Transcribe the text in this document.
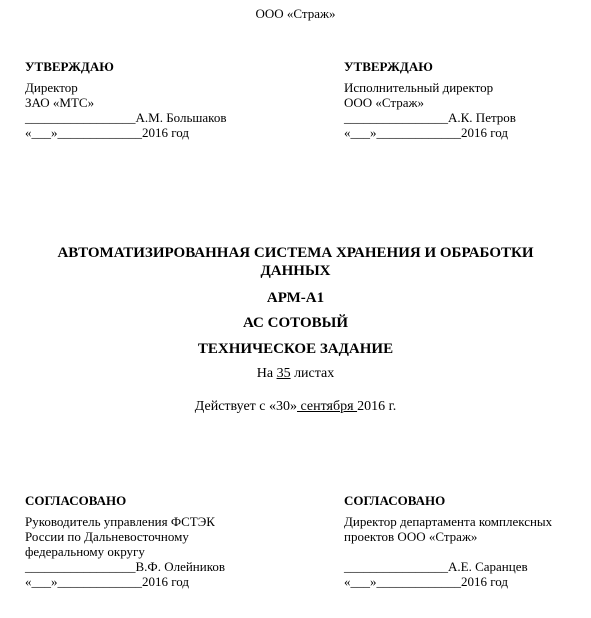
ООО «Страж»
УТВЕРЖДАЮ
Директор
ЗАО «МТС»
_________________А.М. Большаков
«___»_____________2016 год
УТВЕРЖДАЮ
Исполнительный директор
ООО «Страж»
________________А.К. Петров
«___»_____________2016 год
АВТОМАТИЗИРОВАННАЯ СИСТЕМА ХРАНЕНИЯ И ОБРАБОТКИ
ДАННЫХ
АРМ-А1
АС СОТОВЫЙ
ТЕХНИЧЕСКОЕ ЗАДАНИЕ
На 35 листах
Действует с «30» сентября 2016 г.
СОГЛАСОВАНО
Руководитель управления ФСТЭК
России по Дальневосточному
федеральному округу
_________________В.Ф. Олейников
«___»_____________2016 год
СОГЛАСОВАНО
Директор департамента комплексных
проектов ООО «Страж»
________________А.Е. Саранцев
«___»_____________2016 год
